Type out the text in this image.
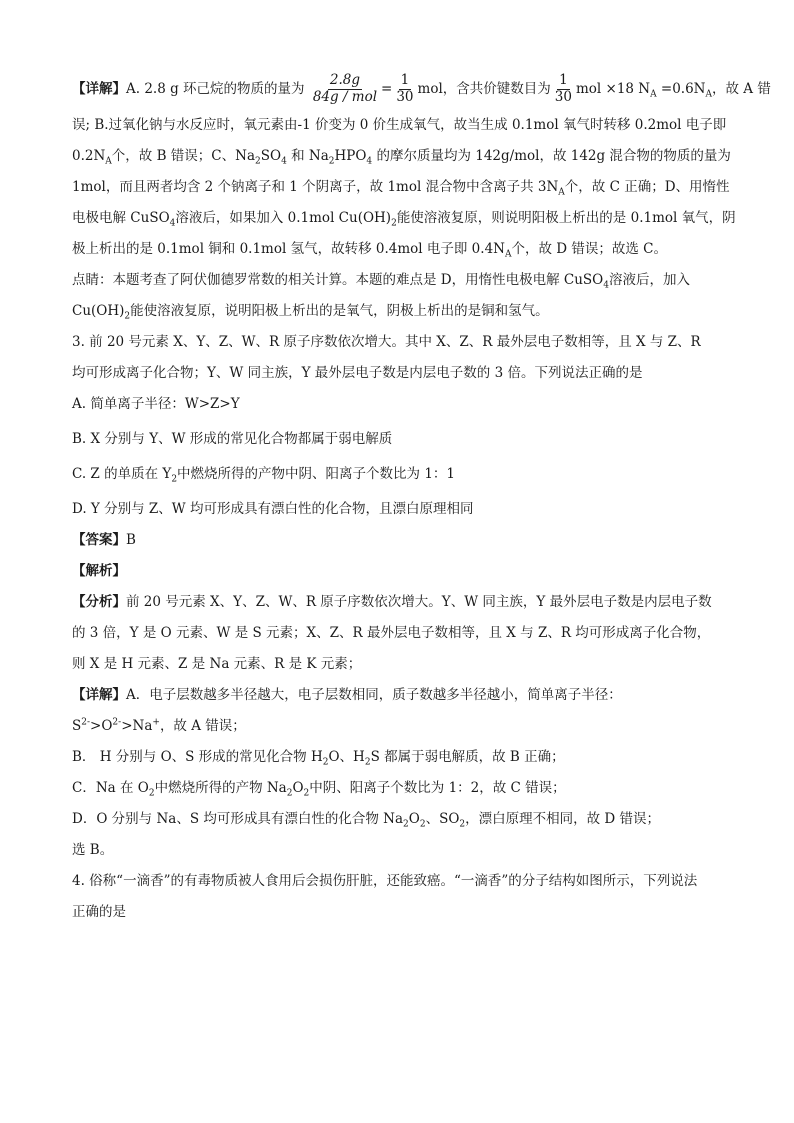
【详解】A. 2.8 g 环己烷的物质的量为 $\frac{2.8g}{\text{84g / mol}} = \frac{1}{30}$ mol，含共价键数目为 $\frac{1}{30}$ mol ×18 $N_A =0.6N_A$，故 A 错
误; B.过氧化钠与水反应时，氧元素由-1 价变为 0 价生成氧气，故当生成 0.1mol 氧气时转移 0.2mol 电子即
$0.2N_A$个，故 B 错误；C、$Na_2SO_4$ 和 $Na_2HPO_4$ 的摩尔质量均为 142g/mol，故 142g 混合物的物质的量为
1mol，而且两者均含 2 个钠离子和 1 个阴离子，故 1mol 混合物中含离子共 $3N_A$个，故 C 正确；D、用惰性
电极电解 CuSO$_4$溶液后，如果加入 0.1mol $Cu(OH)_2$能使溶液复原，则说明阳极上析出的是 0.1mol 氧气，阴
极上析出的是 0.1mol 铜和 0.1mol 氢气，故转移 0.4mol 电子即 $0.4N_A$个，故 D 错误；故选 C。
点睛：本题考查了阿伏伽德罗常数的相关计算。本题的难点是 D，用惰性电极电解 CuSO$_4$溶液后，加入
$Cu(OH)_2$能使溶液复原，说明阳极上析出的是氧气，阴极上析出的是铜和氢气。
3. 前 20 号元素 X、Y、Z、W、R 原子序数依次增大。其中 X、Z、R 最外层电子数相等，且 X 与 Z、R
均可形成离子化合物；Y、W 同主族，Y 最外层电子数是内层电子数的 3 倍。下列说法正确的是
A. 简单离子半径：W>Z>Y
B. X 分别与 Y、W 形成的常见化合物都属于弱电解质
C. Z 的单质在 $Y_2$中燃烧所得的产物中阴、阳离子个数比为 1：1
D. Y 分别与 Z、W 均可形成具有漂白性的化合物，且漂白原理相同
【答案】B
【解析】
【分析】前 20 号元素 X、Y、Z、W、R 原子序数依次增大。Y、W 同主族，Y 最外层电子数是内层电子数
的 3 倍，Y 是 O 元素、W 是 S 元素；X、Z、R 最外层电子数相等，且 X 与 Z、R 均可形成离子化合物，
则 X 是 H 元素、Z 是 Na 元素、R 是 K 元素；
【详解】A．电子层数越多半径越大，电子层数相同，质子数越多半径越小，简单离子半径：
$S^{2-}>O^{2-}>Na^+$，故 A 错误；
B． H 分别与 O、S 形成的常见化合物 $H_2O$、$H_2S$ 都属于弱电解质，故 B 正确；
C．Na 在 $O_2$中燃烧所得的产物 $Na_2O_2$中阴、阳离子个数比为 1：2，故 C 错误；
D．O 分别与 Na、S 均可形成具有漂白性的化合物 $Na_2O_2$、$SO_2$，漂白原理不相同，故 D 错误；
选 B。
4. 俗称“一滴香”的有毒物质被人食用后会损伤肝脏，还能致癌。“一滴香”的分子结构如图所示，下列说法
正确的是
